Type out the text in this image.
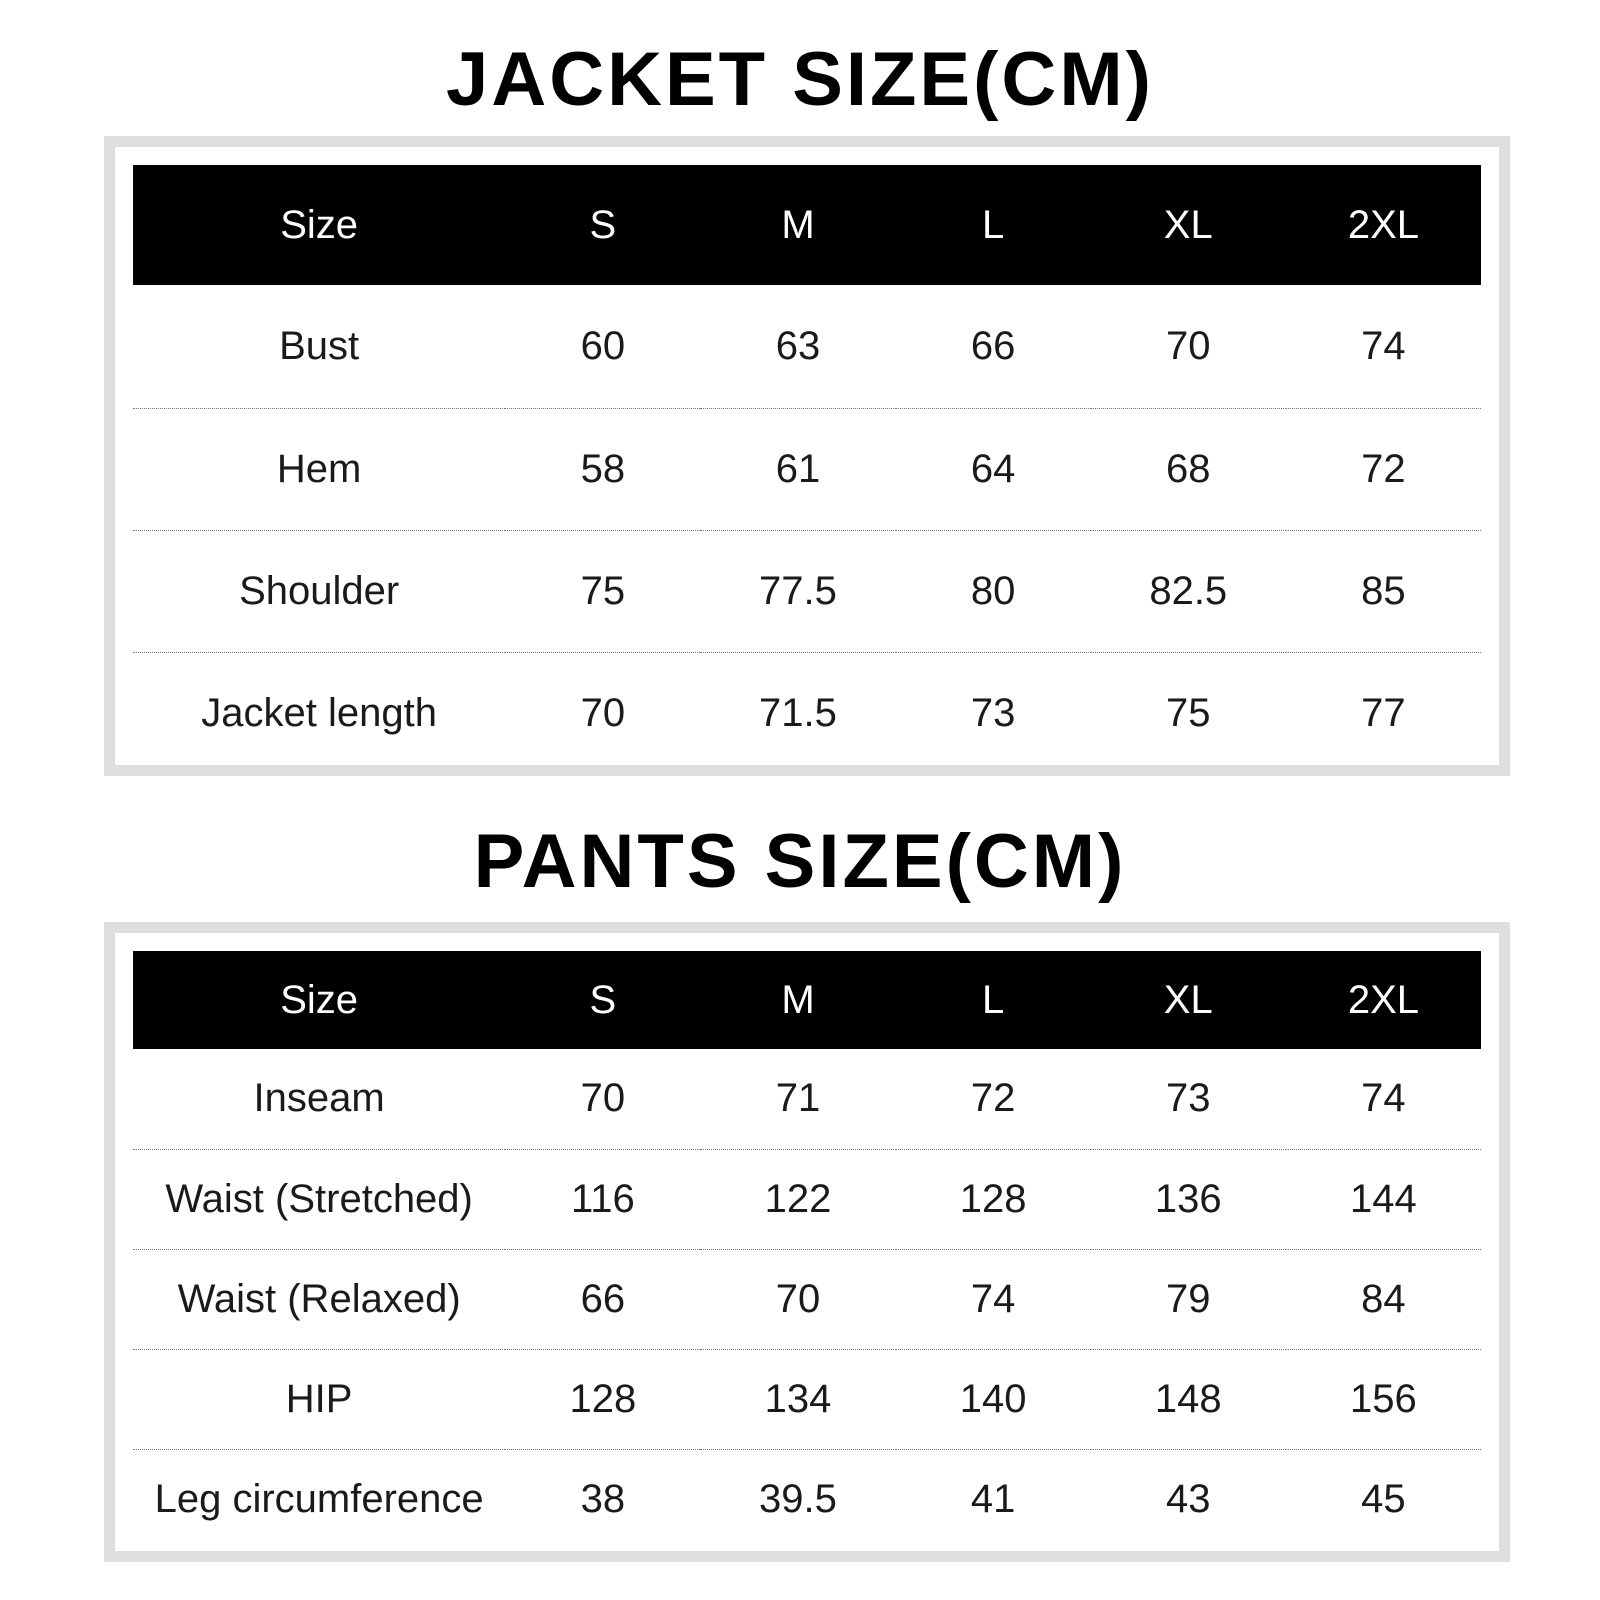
JACKET SIZE(CM)
Size	S	M	L	XL	2XL
Bust	60	63	66	70	74
Hem	58	61	64	68	72
Shoulder	75	77.5	80	82.5	85
Jacket length	70	71.5	73	75	77
PANTS SIZE(CM)
Size	S	M	L	XL	2XL
Inseam	70	71	72	73	74
Waist (Stretched)	116	122	128	136	144
Waist (Relaxed)	66	70	74	79	84
HIP	128	134	140	148	156
Leg circumference	38	39.5	41	43	45
